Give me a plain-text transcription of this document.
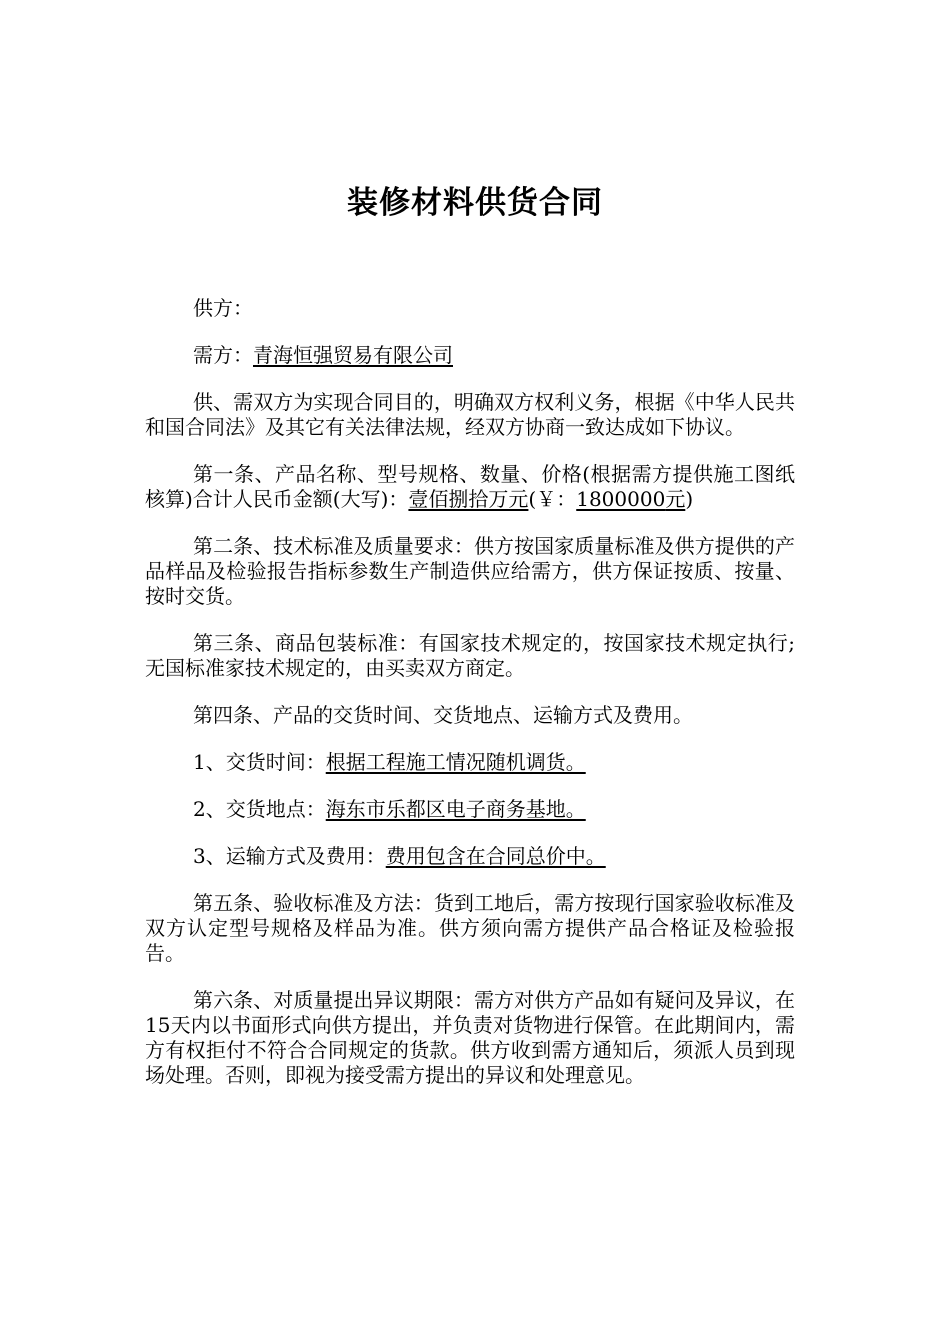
装修材料供货合同

供方：

需方：青海恒强贸易有限公司

供、需双方为实现合同目的，明确双方权利义务，根据《中华人民共和国合同法》及其它有关法律法规，经双方协商一致达成如下协议。

第一条、产品名称、型号规格、数量、价格(根据需方提供施工图纸核算)合计人民币金额(大写)：壹佰捌拾万元(￥：1800000元)

第二条、技术标准及质量要求：供方按国家质量标准及供方提供的产品样品及检验报告指标参数生产制造供应给需方，供方保证按质、按量、按时交货。

第三条、商品包装标准：有国家技术规定的，按国家技术规定执行;无国标准家技术规定的，由买卖双方商定。

第四条、产品的交货时间、交货地点、运输方式及费用。

1、交货时间：根据工程施工情况随机调货。

2、交货地点：海东市乐都区电子商务基地。

3、运输方式及费用：费用包含在合同总价中。

第五条、验收标准及方法：货到工地后，需方按现行国家验收标准及双方认定型号规格及样品为准。供方须向需方提供产品合格证及检验报告。

第六条、对质量提出异议期限：需方对供方产品如有疑问及异议，在15天内以书面形式向供方提出，并负责对货物进行保管。在此期间内，需方有权拒付不符合合同规定的货款。供方收到需方通知后，须派人员到现场处理。否则，即视为接受需方提出的异议和处理意见。
